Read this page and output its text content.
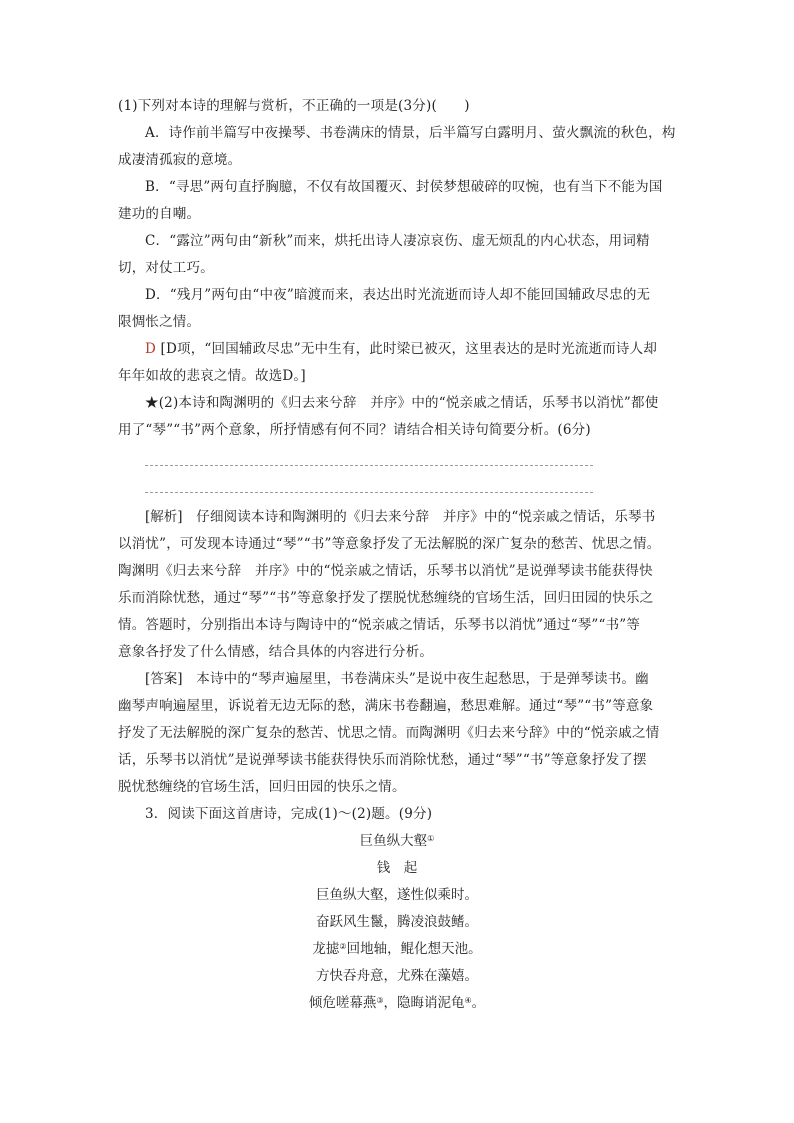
(1)下列对本诗的理解与赏析，不正确的一项是(3分)(　　)
A．诗作前半篇写中夜操琴、书卷满床的情景，后半篇写白露明月、萤火飘流的秋色，构
成凄清孤寂的意境。
B．“寻思”两句直抒胸臆，不仅有故国覆灭、封侯梦想破碎的叹惋，也有当下不能为国
建功的自嘲。
C．“露泣”两句由“新秋”而来，烘托出诗人凄凉哀伤、虚无烦乱的内心状态，用词精
切，对仗工巧。
D．“残月”两句由“中夜”暗渡而来，表达出时光流逝而诗人却不能回国辅政尽忠的无
限惆怅之情。
D [D项，“回国辅政尽忠”无中生有，此时梁已被灭，这里表达的是时光流逝而诗人却
年年如故的悲哀之情。故选D。]
★(2)本诗和陶渊明的《归去来兮辞　并序》中的“悦亲戚之情话，乐琴书以消忧”都使
用了“琴”“书”两个意象，所抒情感有何不同？请结合相关诗句简要分析。(6分)
[解析]　仔细阅读本诗和陶渊明的《归去来兮辞　并序》中的“悦亲戚之情话，乐琴书
以消忧”，可发现本诗通过“琴”“书”等意象抒发了无法解脱的深广复杂的愁苦、忧思之情。
陶渊明《归去来兮辞　并序》中的“悦亲戚之情话，乐琴书以消忧”是说弹琴读书能获得快
乐而消除忧愁，通过“琴”“书”等意象抒发了摆脱忧愁缠绕的官场生活，回归田园的快乐之
情。答题时，分别指出本诗与陶诗中的“悦亲戚之情话，乐琴书以消忧”通过“琴”“书”等
意象各抒发了什么情感，结合具体的内容进行分析。
[答案]　本诗中的“琴声遍屋里，书卷满床头”是说中夜生起愁思，于是弹琴读书。幽
幽琴声响遍屋里，诉说着无边无际的愁，满床书卷翻遍，愁思难解。通过“琴”“书”等意象
抒发了无法解脱的深广复杂的愁苦、忧思之情。而陶渊明《归去来兮辞》中的“悦亲戚之情
话，乐琴书以消忧”是说弹琴读书能获得快乐而消除忧愁，通过“琴”“书”等意象抒发了摆
脱忧愁缠绕的官场生活，回归田园的快乐之情。
3．阅读下面这首唐诗，完成(1)～(2)题。(9分)
巨鱼纵大壑①
钱　起
巨鱼纵大壑，遂性似乘时。
奋跃风生鬣，腾凌浪鼓鳍。
龙摅②回地轴，鲲化想天池。
方快吞舟意，尤殊在藻嬉。
倾危嗟幕燕③，隐晦诮泥龟④。
